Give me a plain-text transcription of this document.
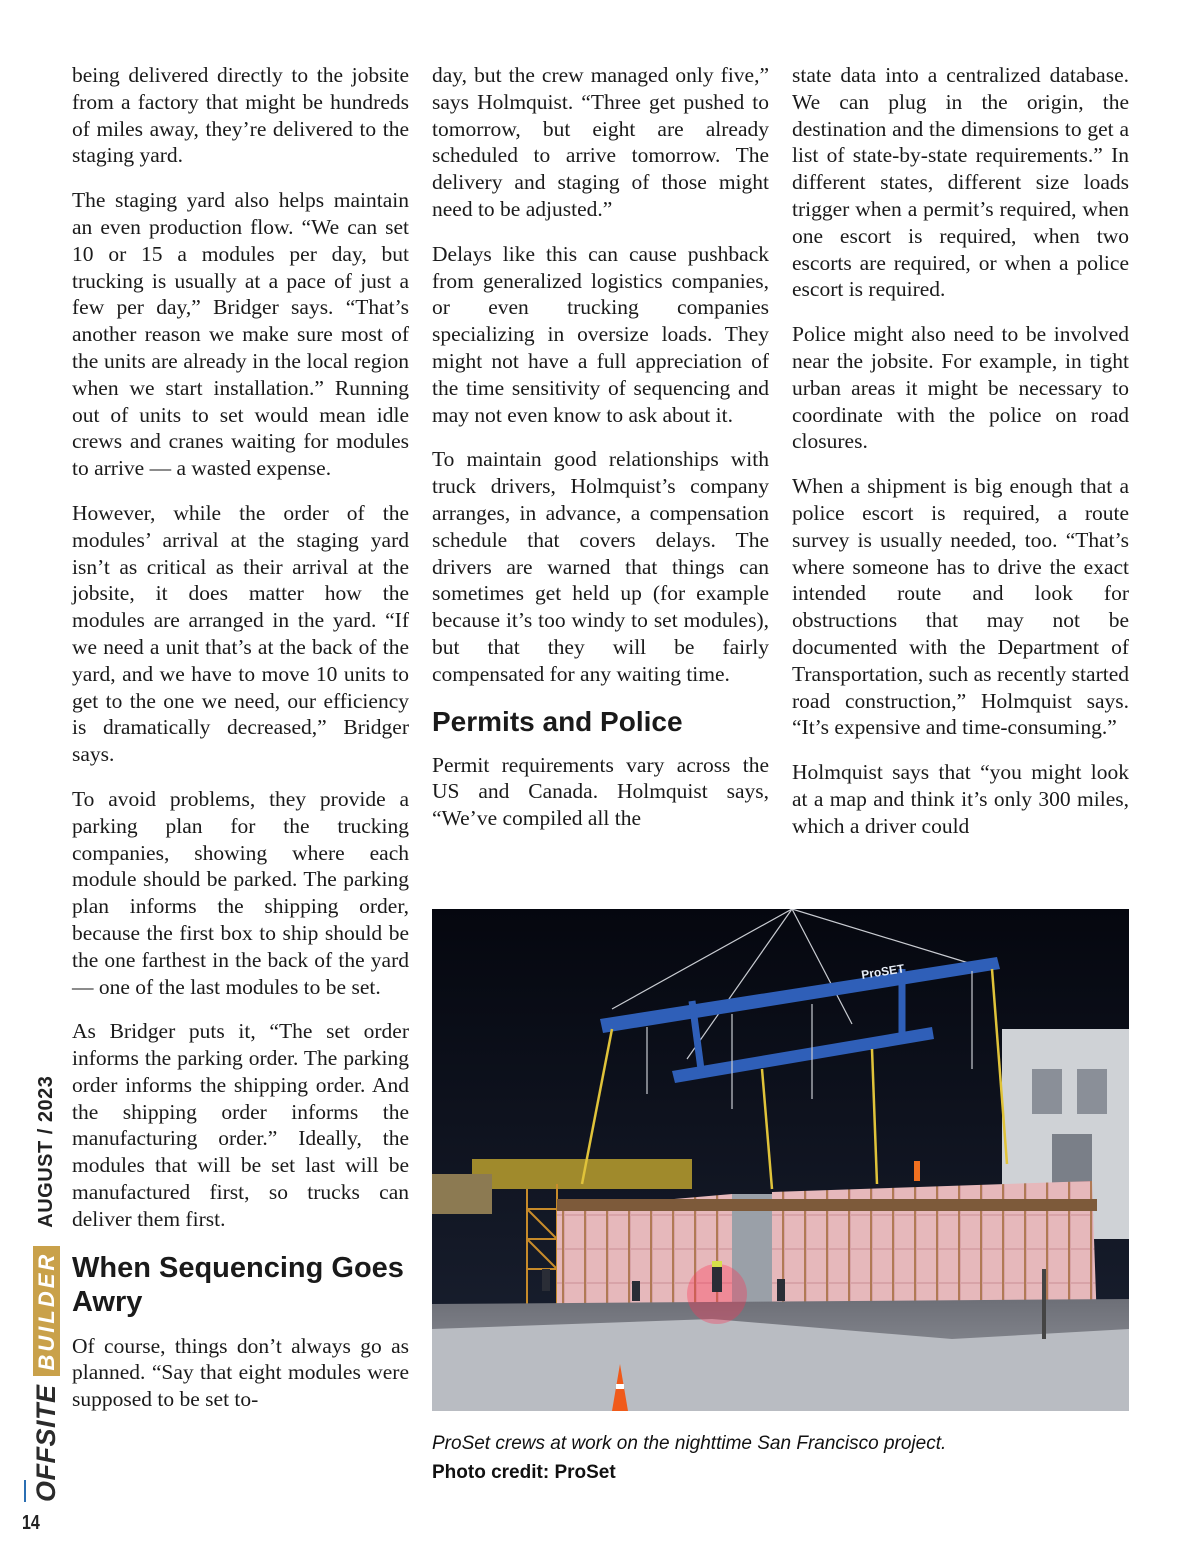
being delivered directly to the jobsite from a factory that might be hundreds of miles away, they’re delivered to the staging yard.

The staging yard also helps maintain an even production flow. “We can set 10 or 15 a modules per day, but trucking is usually at a pace of just a few per day,” Bridger says. “That’s another reason we make sure most of the units are already in the local region when we start installation.” Running out of units to set would mean idle crews and cranes waiting for modules to arrive — a wasted expense.

However, while the order of the modules’ arrival at the staging yard isn’t as critical as their arrival at the jobsite, it does matter how the modules are arranged in the yard. “If we need a unit that’s at the back of the yard, and we have to move 10 units to get to the one we need, our efficiency is dramatically decreased,” Bridger says.

To avoid problems, they provide a parking plan for the trucking companies, showing where each module should be parked. The parking plan informs the shipping order, because the first box to ship should be the one farthest in the back of the yard — one of the last modules to be set.

As Bridger puts it, “The set order informs the parking order. The parking order informs the shipping order. And the shipping order informs the manufacturing order.” Ideally, the modules that will be set last will be manufactured first, so trucks can deliver them first.

When Sequencing Goes Awry

Of course, things don’t always go as planned. “Say that eight modules were supposed to be set to-

day, but the crew managed only five,” says Holmquist. “Three get pushed to tomorrow, but eight are already scheduled to arrive tomorrow. The delivery and staging of those might need to be adjusted.”

Delays like this can cause pushback from generalized logistics companies, or even trucking companies specializing in oversize loads. They might not have a full appreciation of the time sensitivity of sequencing and may not even know to ask about it.

To maintain good relationships with truck drivers, Holmquist’s company arranges, in advance, a compensation schedule that covers delays. The drivers are warned that things can sometimes get held up (for example because it’s too windy to set modules), but that they will be fairly compensated for any waiting time.

Permits and Police

Permit requirements vary across the US and Canada. Holmquist says, “We’ve compiled all the

state data into a centralized database. We can plug in the origin, the destination and the dimensions to get a list of state-by-state requirements.” In different states, different size loads trigger when a permit’s required, when one escort is required, when two escorts are required, or when a police escort is required.

Police might also need to be involved near the jobsite. For example, in tight urban areas it might be necessary to coordinate with the police on road closures.

When a shipment is big enough that a police escort is required, a route survey is usually needed, too. “That’s where someone has to drive the exact intended route and look for obstructions that may not be documented with the Department of Transportation, such as recently started road construction,” Holmquist says. “It’s expensive and time-consuming.”

Holmquist says that “you might look at a map and think it’s only 300 miles, which a driver could

ProSET
ProSet crews at work on the nighttime San Francisco project.
Photo credit: ProSet
OFFSITE
BUILDER
AUGUST / 2023
14
